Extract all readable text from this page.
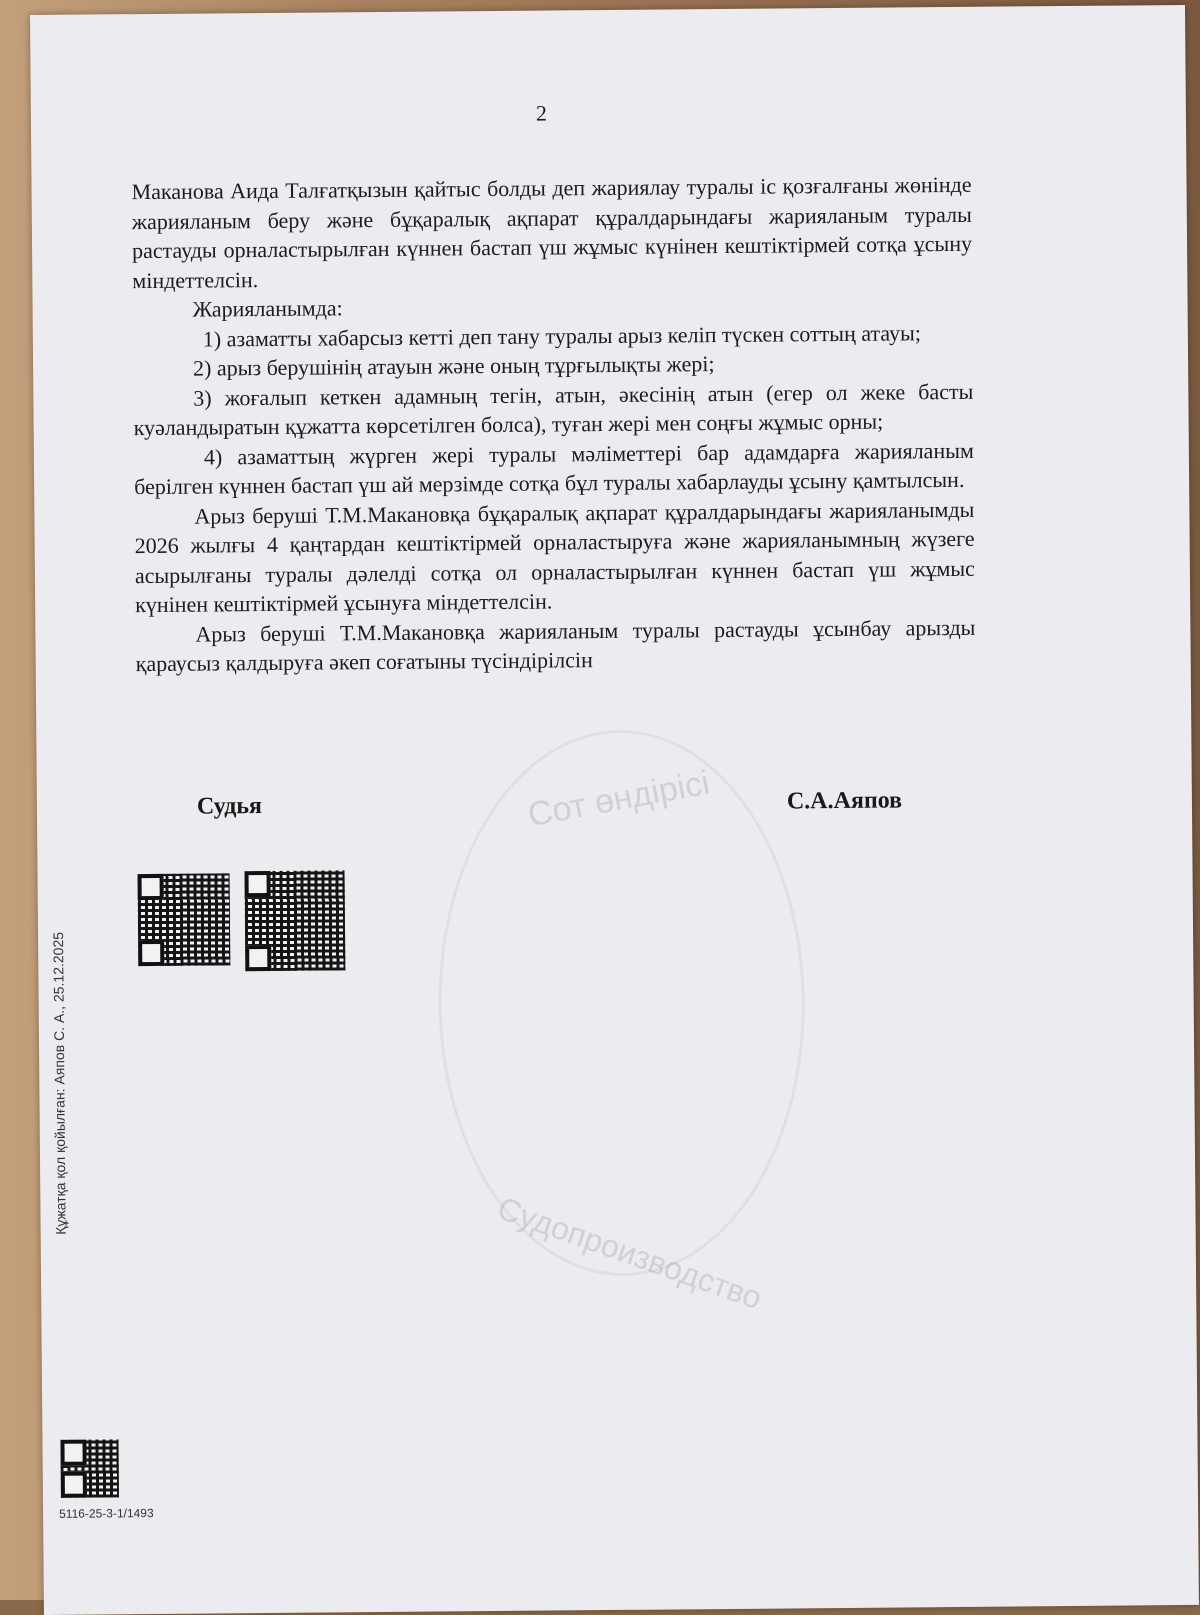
2

Маканова Аида Талғатқызын қайтыс болды деп жариялау туралы іс қозғалғаны жөнінде жарияланым беру және бұқаралық ақпарат құралдарындағы жарияланым туралы растауды орналастырылған күннен бастап үш жұмыс күнінен кештіктірмей сотқа ұсыну міндеттелсін.

Жарияланымда:

1) азаматты хабарсыз кетті деп тану туралы арыз келіп түскен соттың атауы;

2) арыз берушінің атауын және оның тұрғылықты жері;

3) жоғалып кеткен адамның тегін, атын, әкесінің атын (егер ол жеке басты куәландыратын құжатта көрсетілген болса), туған жері мен соңғы жұмыс орны;

4) азаматтың жүрген жері туралы мәліметтері бар адамдарға жарияланым берілген күннен бастап үш ай мерзімде сотқа бұл туралы хабарлауды ұсыну қамтылсын.

Арыз беруші Т.М.Макановқа бұқаралық ақпарат құралдарындағы жарияланымды 2026 жылғы 4 қаңтардан кештіктірмей орналастыруға және жарияланымның жүзеге асырылғаны туралы дәлелді сотқа ол орналастырылған күннен бастап үш жұмыс күнінен кештіктірмей ұсынуға міндеттелсін.

Арыз беруші Т.М.Макановқа жарияланым туралы растауды ұсынбау арызды қараусыз қалдыруға әкеп соғатыны түсіндірілсін

Сот өндірісі
Судопроизводство
Судья	С.А.Аяпов
Құжатқа қол қойылған: Аяпов С. А., 25.12.2025
5116-25-3-1/1493
